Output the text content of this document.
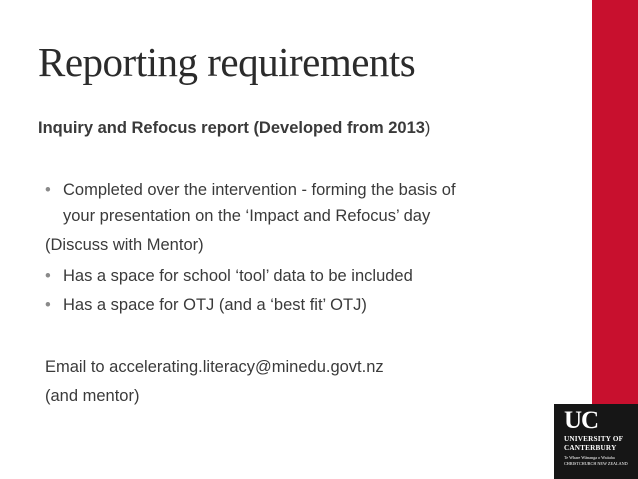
Reporting requirements

Inquiry and Refocus report (Developed from 2013)

• Completed over the intervention - forming the basis of

your presentation on the ‘Impact and Refocus’ day

(Discuss with Mentor)

• Has a space for school ‘tool’ data to be included

• Has a space for OTJ (and a ‘best fit’ OTJ)

Email to accelerating.literacy@minedu.govt.nz

(and mentor)

UC

UNIVERSITY OF

CANTERBURY

Te Whare Wānanga o Waitaha

CHRISTCHURCH NEW ZEALAND
